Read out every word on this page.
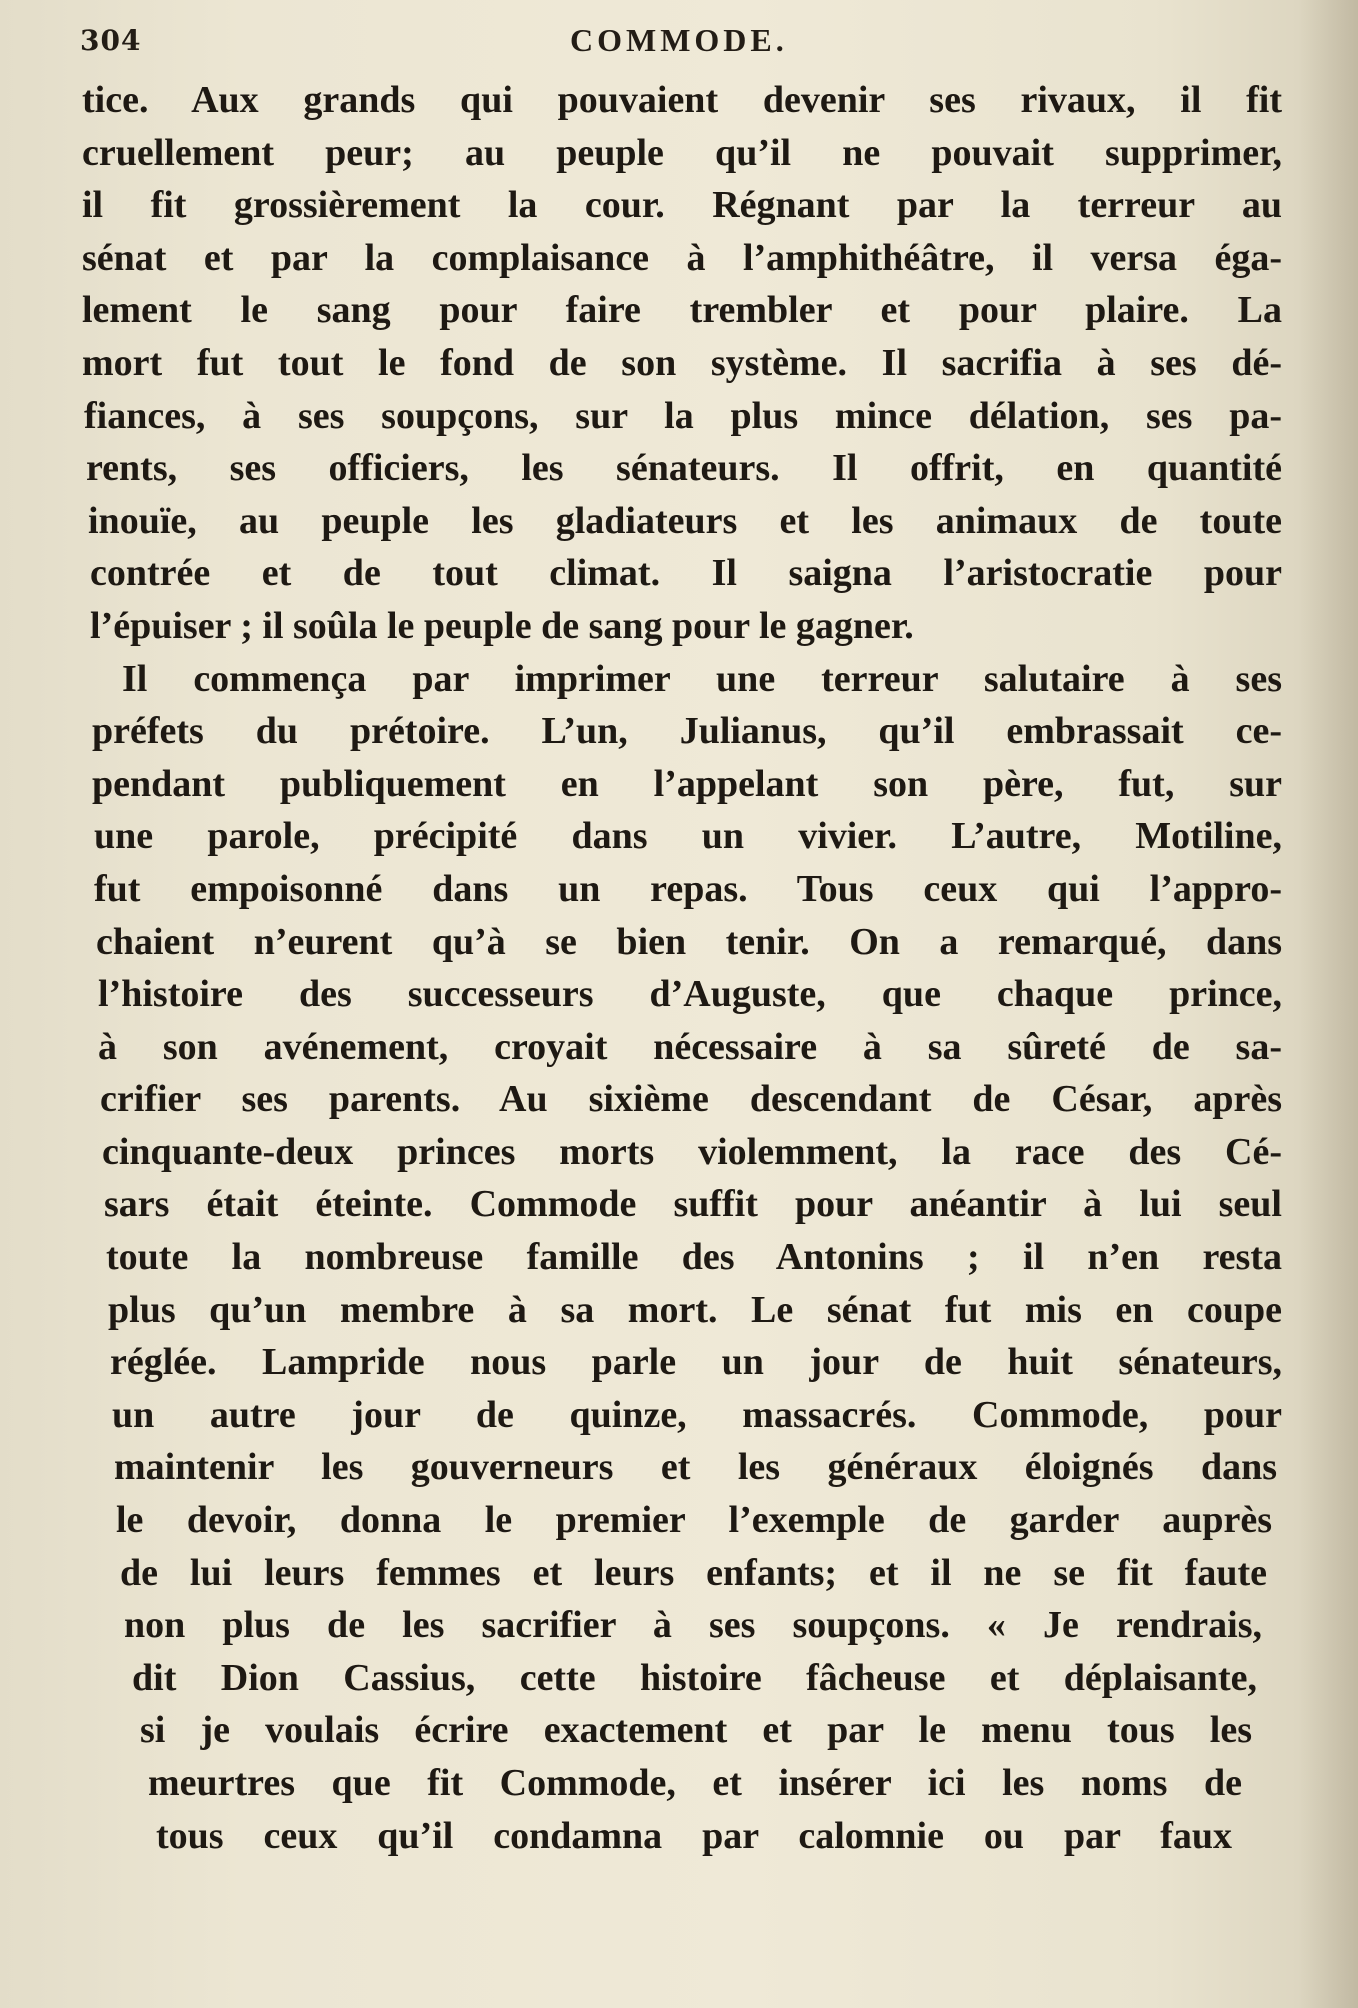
304	COMMODE.
tice. Aux grands qui pouvaient devenir ses rivaux, il fit
cruellement peur; au peuple qu’il ne pouvait supprimer,
il fit grossièrement la cour. Régnant par la terreur au
sénat et par la complaisance à l’amphithéâtre, il versa éga-
lement le sang pour faire trembler et pour plaire. La
mort fut tout le fond de son système. Il sacrifia à ses dé-
fiances, à ses soupçons, sur la plus mince délation, ses pa-
rents, ses officiers, les sénateurs. Il offrit, en quantité
inouïe, au peuple les gladiateurs et les animaux de toute
contrée et de tout climat. Il saigna l’aristocratie pour
l’épuiser ; il soûla le peuple de sang pour le gagner.
Il commença par imprimer une terreur salutaire à ses
préfets du prétoire. L’un, Julianus, qu’il embrassait ce-
pendant publiquement en l’appelant son père, fut, sur
une parole, précipité dans un vivier. L’autre, Motiline,
fut empoisonné dans un repas. Tous ceux qui l’appro-
chaient n’eurent qu’à se bien tenir. On a remarqué, dans
l’histoire des successeurs d’Auguste, que chaque prince,
à son avénement, croyait nécessaire à sa sûreté de sa-
crifier ses parents. Au sixième descendant de César, après
cinquante-deux princes morts violemment, la race des Cé-
sars était éteinte. Commode suffit pour anéantir à lui seul
toute la nombreuse famille des Antonins ; il n’en resta
plus qu’un membre à sa mort. Le sénat fut mis en coupe
réglée. Lampride nous parle un jour de huit sénateurs,
un autre jour de quinze, massacrés. Commode, pour
maintenir les gouverneurs et les généraux éloignés dans
le devoir, donna le premier l’exemple de garder auprès
de lui leurs femmes et leurs enfants; et il ne se fit faute
non plus de les sacrifier à ses soupçons. « Je rendrais,
dit Dion Cassius, cette histoire fâcheuse et déplaisante,
si je voulais écrire exactement et par le menu tous les
meurtres que fit Commode, et insérer ici les noms de
tous ceux qu’il condamna par calomnie ou par faux
